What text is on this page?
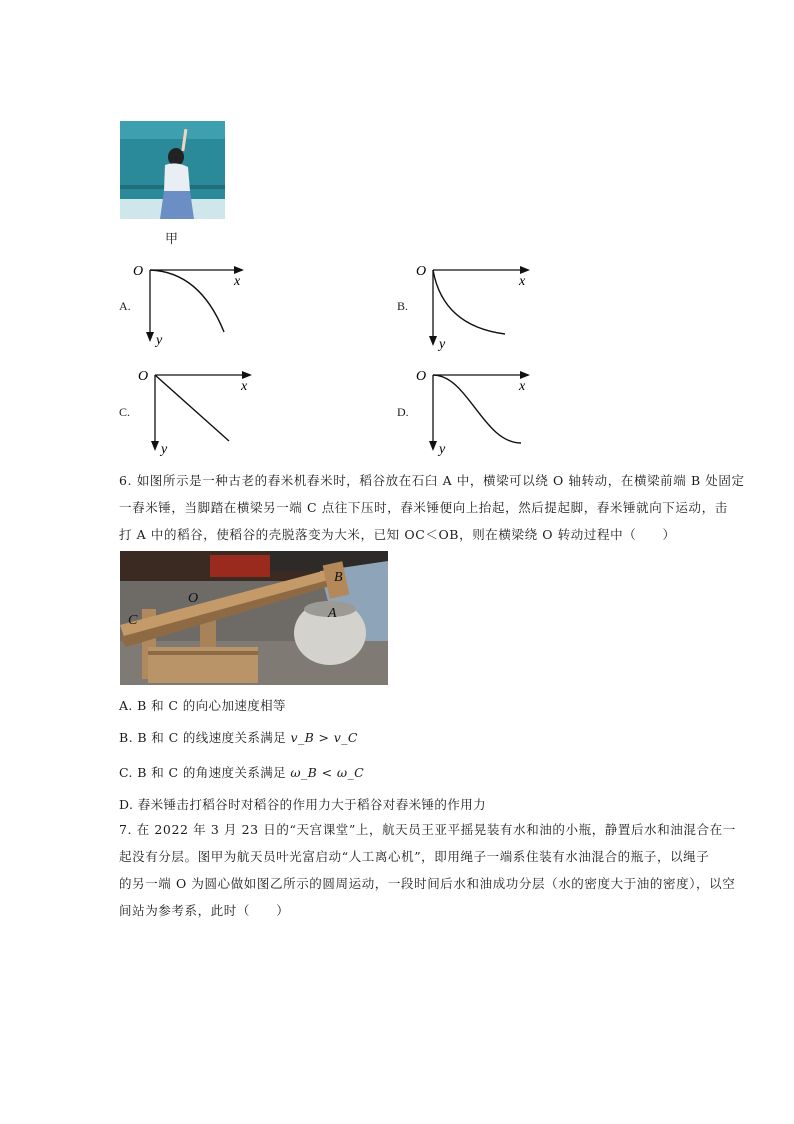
甲
A.
O
x
y
B.
O
x
y
C.
O
x
y
D.
O
x
y
6. 如图所示是一种古老的舂米机舂米时，稻谷放在石臼 A 中，横梁可以绕 O 轴转动，在横梁前端 B 处固定
一舂米锤，当脚踏在横梁另一端 C 点往下压时，舂米锤便向上抬起，然后提起脚，舂米锤就向下运动，击
打 A 中的稻谷，使稻谷的壳脱落变为大米，已知 OC＜OB，则在横梁绕 O 转动过程中（　　）
B
O
C	A
A. B 和 C 的向心加速度相等
B. B 和 C 的线速度关系满足 v_B > v_C
C. B 和 C 的角速度关系满足 ω_B < ω_C
D. 舂米锤击打稻谷时对稻谷的作用力大于稻谷对舂米锤的作用力
7. 在 2022 年 3 月 23 日的“天宫课堂”上，航天员王亚平摇晃装有水和油的小瓶，静置后水和油混合在一
起没有分层。图甲为航天员叶光富启动“人工离心机”，即用绳子一端系住装有水油混合的瓶子，以绳子
的另一端 O 为圆心做如图乙所示的圆周运动，一段时间后水和油成功分层（水的密度大于油的密度），以空
间站为参考系，此时（　　）
